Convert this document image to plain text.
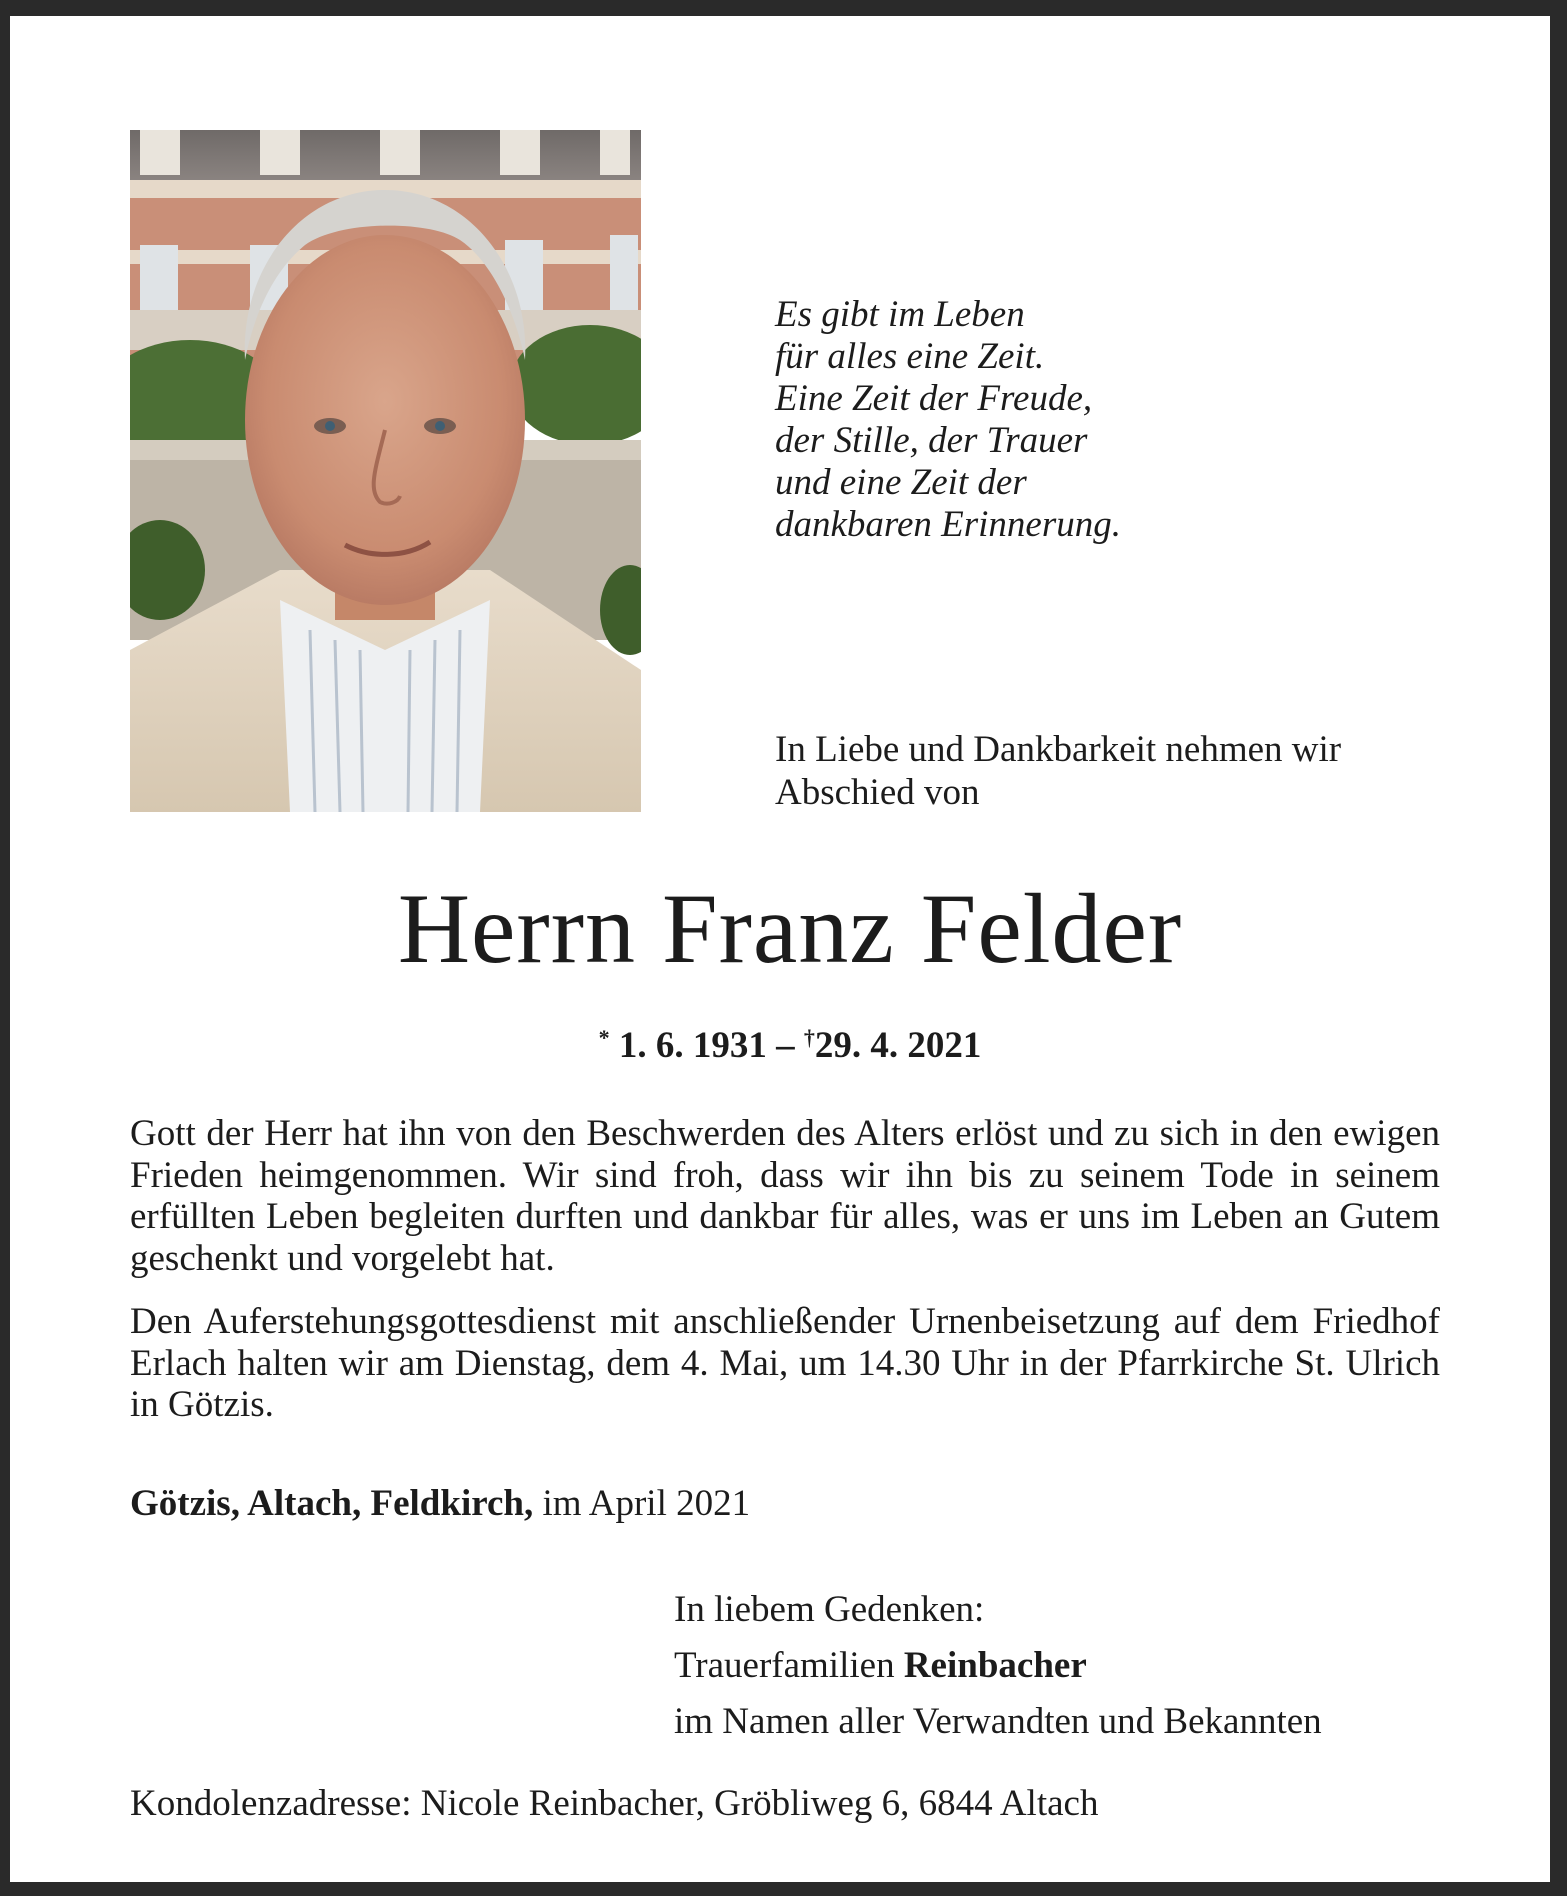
Es gibt im Leben
für alles eine Zeit.
Eine Zeit der Freude,
der Stille, der Trauer
und eine Zeit der
dankbaren Erinnerung.
In Liebe und Dankbarkeit nehmen wir
Abschied von
Herrn Franz Felder
* 1. 6. 1931 – †29. 4. 2021

Gott der Herr hat ihn von den Beschwerden des Alters erlöst und zu sich in den ewigen Frieden heimgenommen. Wir sind froh, dass wir ihn bis zu seinem Tode in seinem erfüllten Leben begleiten durften und dankbar für alles, was er uns im Leben an Gutem geschenkt und vorgelebt hat.

Den Auferstehungsgottesdienst mit anschließender Urnenbeisetzung auf dem Friedhof Erlach halten wir am Dienstag, dem 4. Mai, um 14.30 Uhr in der Pfarrkirche St. Ulrich in Götzis.

Götzis, Altach, Feldkirch, im April 2021
In liebem Gedenken:
Trauerfamilien Reinbacher
im Namen aller Verwandten und Bekannten
Kondolenzadresse: Nicole Reinbacher, Gröbliweg 6, 6844 Altach
